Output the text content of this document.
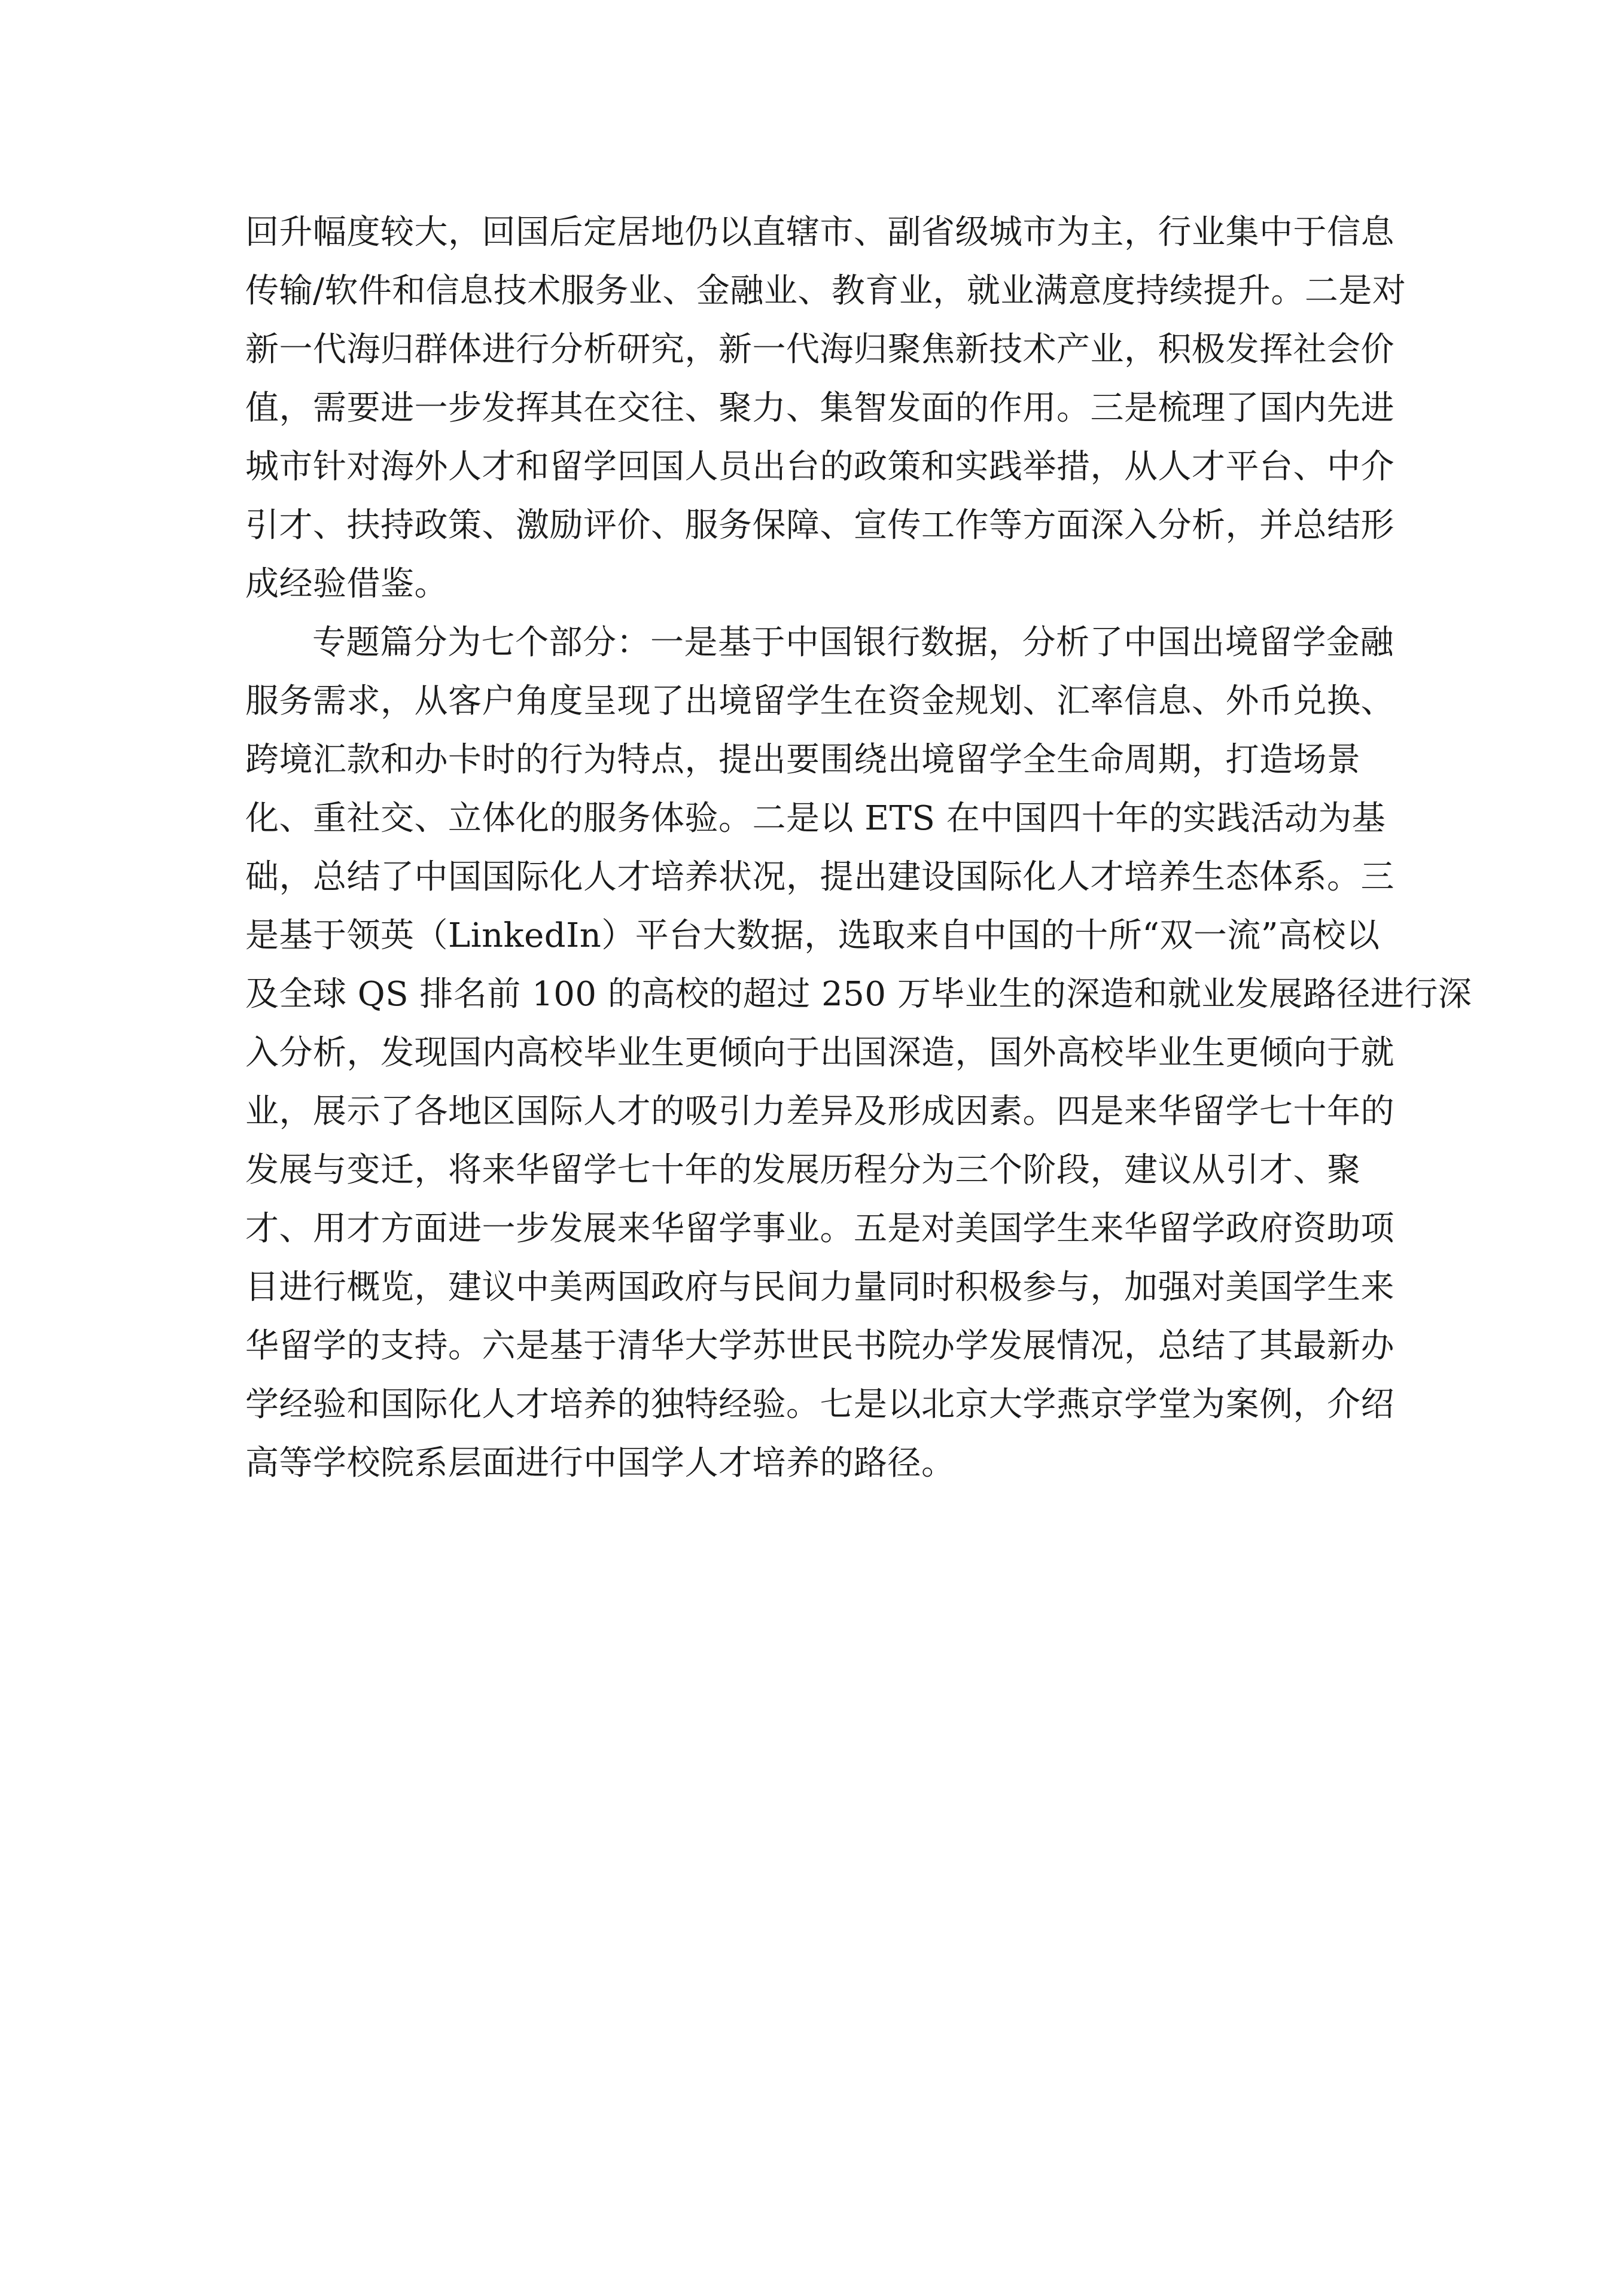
回升幅度较大，回国后定居地仍以直辖市、副省级城市为主，行业集中于信息
传输/软件和信息技术服务业、金融业、教育业，就业满意度持续提升。二是对
新一代海归群体进行分析研究，新一代海归聚焦新技术产业，积极发挥社会价
值，需要进一步发挥其在交往、聚力、集智发面的作用。三是梳理了国内先进
城市针对海外人才和留学回国人员出台的政策和实践举措，从人才平台、中介
引才、扶持政策、激励评价、服务保障、宣传工作等方面深入分析，并总结形
成经验借鉴。
专题篇分为七个部分：一是基于中国银行数据，分析了中国出境留学金融
服务需求，从客户角度呈现了出境留学生在资金规划、汇率信息、外币兑换、
跨境汇款和办卡时的行为特点，提出要围绕出境留学全生命周期，打造场景
化、重社交、立体化的服务体验。二是以 ETS 在中国四十年的实践活动为基
础，总结了中国国际化人才培养状况，提出建设国际化人才培养生态体系。三
是基于领英（LinkedIn）平台大数据，选取来自中国的十所“双一流”高校以
及全球 QS 排名前 100 的高校的超过 250 万毕业生的深造和就业发展路径进行深
入分析，发现国内高校毕业生更倾向于出国深造，国外高校毕业生更倾向于就
业，展示了各地区国际人才的吸引力差异及形成因素。四是来华留学七十年的
发展与变迁，将来华留学七十年的发展历程分为三个阶段，建议从引才、聚
才、用才方面进一步发展来华留学事业。五是对美国学生来华留学政府资助项
目进行概览，建议中美两国政府与民间力量同时积极参与，加强对美国学生来
华留学的支持。六是基于清华大学苏世民书院办学发展情况，总结了其最新办
学经验和国际化人才培养的独特经验。七是以北京大学燕京学堂为案例，介绍
高等学校院系层面进行中国学人才培养的路径。
